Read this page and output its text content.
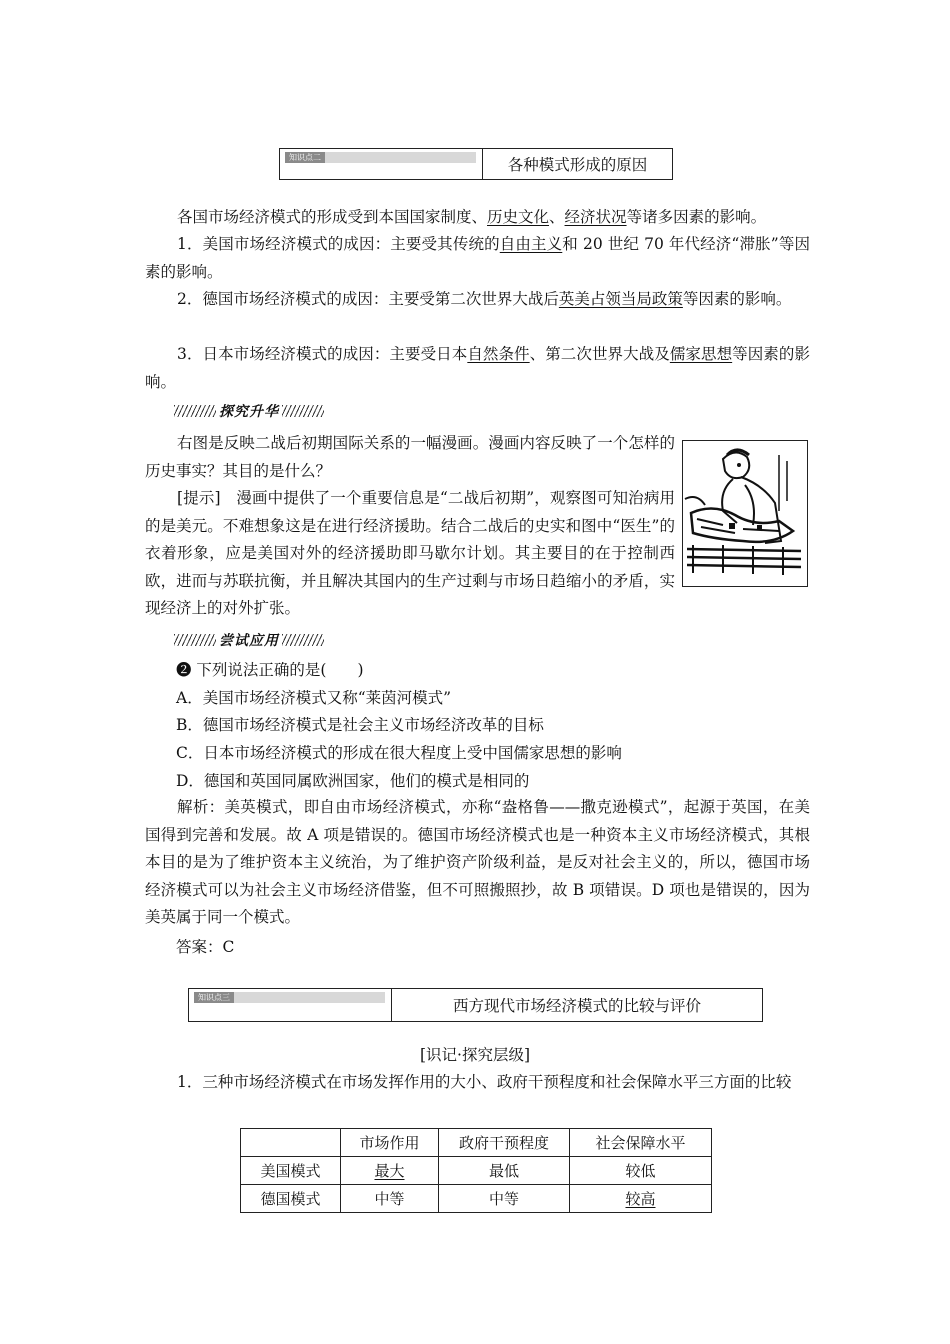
知识点二	各种模式形成的原因
各国市场经济模式的形成受到本国国家制度、历史文化、经济状况等诸多因素的影响。
1．美国市场经济模式的成因：主要受其传统的自由主义和 20 世纪 70 年代经济“滞胀”等因素的影响。
2．德国市场经济模式的成因：主要受第二次世界大战后英美占领当局政策等因素的影响。
3．日本市场经济模式的成因：主要受日本自然条件、第二次世界大战及儒家思想等因素的影响。
探究升华
右图是反映二战后初期国际关系的一幅漫画。漫画内容反映了一个怎样的历史事实？其目的是什么？
[提示]　漫画中提供了一个重要信息是“二战后初期”，观察图可知治病用的是美元。不难想象这是在进行经济援助。结合二战后的史实和图中“医生”的衣着形象，应是美国对外的经济援助即马歇尔计划。其主要目的在于控制西欧，进而与苏联抗衡，并且解决其国内的生产过剩与市场日趋缩小的矛盾，实现经济上的对外扩张。
尝试应用
❷ 下列说法正确的是(　　)
A．美国市场经济模式又称“莱茵河模式”
B．德国市场经济模式是社会主义市场经济改革的目标
C．日本市场经济模式的形成在很大程度上受中国儒家思想的影响
D．德国和英国同属欧洲国家，他们的模式是相同的
解析：美英模式，即自由市场经济模式，亦称“盎格鲁——撒克逊模式”，起源于英国，在美国得到完善和发展。故 A 项是错误的。德国市场经济模式也是一种资本主义市场经济模式，其根本目的是为了维护资本主义统治，为了维护资产阶级利益，是反对社会主义的，所以，德国市场经济模式可以为社会主义市场经济借鉴，但不可照搬照抄，故 B 项错误。D 项也是错误的，因为美英属于同一个模式。
答案：C
知识点三	西方现代市场经济模式的比较与评价
[识记·探究层级]
1．三种市场经济模式在市场发挥作用的大小、政府干预程度和社会保障水平三方面的比较
	市场作用	政府干预程度	社会保障水平
美国模式	最大	最低	较低
德国模式	中等	中等	较高
